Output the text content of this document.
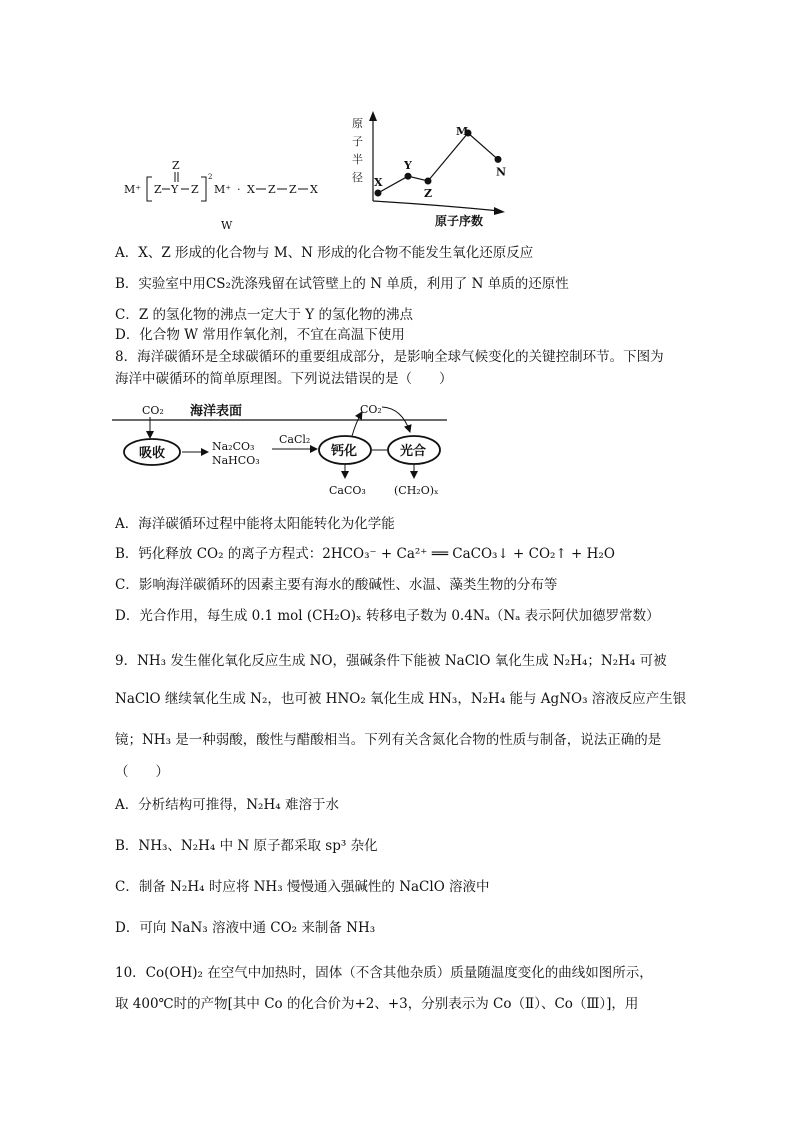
M⁺ Z Y
Z
Z
2
M⁺ · X Z Z X
W
原
子
半
径
原子序数
X
Y
Z
M
N
A．X、Z 形成的化合物与 M、N 形成的化合物不能发生氧化还原反应
B．实验室中用CS₂洗涤残留在试管壁上的 N 单质，利用了 N 单质的还原性
C．Z 的氢化物的沸点一定大于 Y 的氢化物的沸点
D．化合物 W 常用作氧化剂，不宜在高温下使用
8．海洋碳循环是全球碳循环的重要组成部分，是影响全球气候变化的关键控制环节。下图为
海洋中碳循环的简单原理图。下列说法错误的是（　　）
CO₂ 海洋表面
吸收	Na₂CO₃
NaHCO₃
CaCl₂
钙化
CO₂
光合
CaCO₃	(CH₂O)ₓ
A．海洋碳循环过程中能将太阳能转化为化学能
B．钙化释放 CO₂ 的离子方程式：2HCO₃⁻ + Ca²⁺ ══ CaCO₃↓ + CO₂↑ + H₂O
C．影响海洋碳循环的因素主要有海水的酸碱性、水温、藻类生物的分布等
D．光合作用，每生成 0.1 mol (CH₂O)ₓ 转移电子数为 0.4Nₐ（Nₐ 表示阿伏加德罗常数）
9．NH₃ 发生催化氧化反应生成 NO，强碱条件下能被 NaClO 氧化生成 N₂H₄；N₂H₄ 可被
NaClO 继续氧化生成 N₂，也可被 HNO₂ 氧化生成 HN₃，N₂H₄ 能与 AgNO₃ 溶液反应产生银
镜；NH₃ 是一种弱酸，酸性与醋酸相当。下列有关含氮化合物的性质与制备，说法正确的是
（　　）
A．分析结构可推得，N₂H₄ 难溶于水
B．NH₃、N₂H₄ 中 N 原子都采取 sp³ 杂化
C．制备 N₂H₄ 时应将 NH₃ 慢慢通入强碱性的 NaClO 溶液中
D．可向 NaN₃ 溶液中通 CO₂ 来制备 NH₃
10．Co(OH)₂ 在空气中加热时，固体（不含其他杂质）质量随温度变化的曲线如图所示，
取 400℃时的产物[其中 Co 的化合价为+2、+3，分别表示为 Co（Ⅱ）、Co（Ⅲ）]，用
